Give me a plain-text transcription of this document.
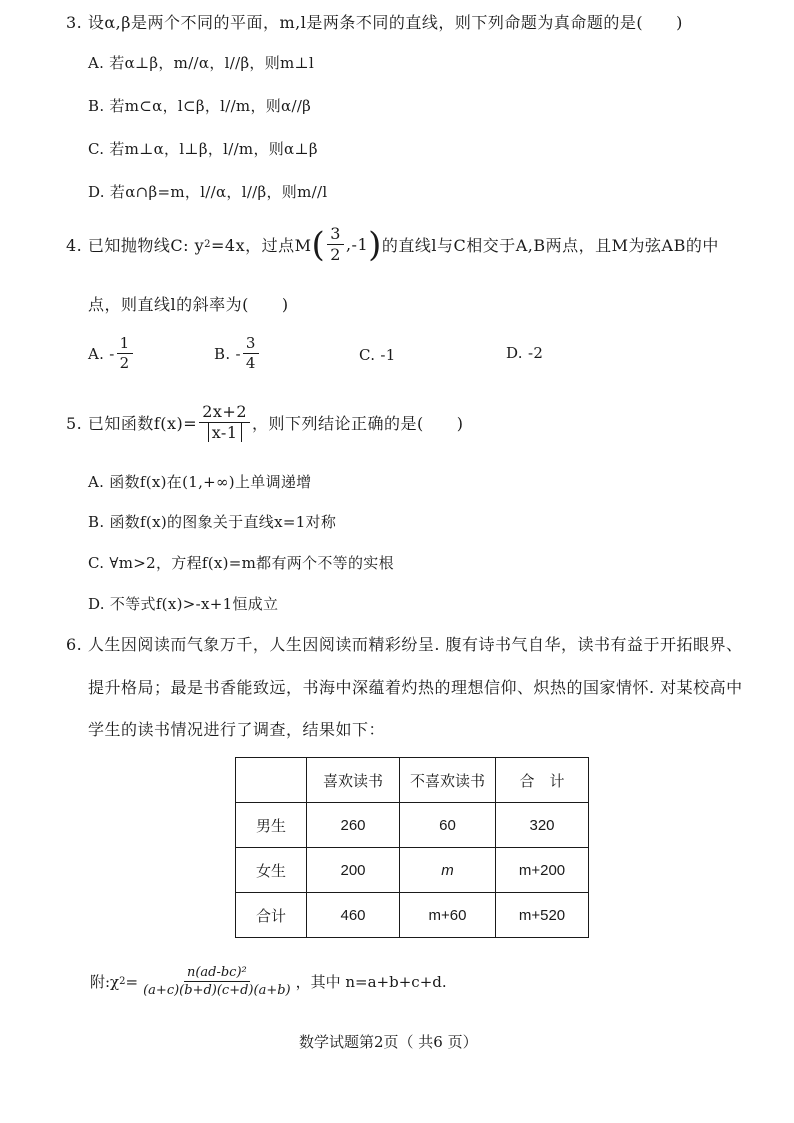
3. 设α,β是两个不同的平面，m,l是两条不同的直线，则下列命题为真命题的是(　　)
A. 若α⊥β，m//α，l//β，则m⊥l
B. 若m⊂α，l⊂β，l//m，则α//β
C. 若m⊥α，l⊥β，l//m，则α⊥β
D. 若α∩β=m，l//α，l//β，则m//l
4. 已知抛物线C: y 2 =4x，过点M ( $\frac{3}{2} ,-1$ ) 的直线l与C相交于A,B两点，且M为弦AB的中
点，则直线l的斜率为(　　)
A.
- $\frac{1}{2}$	B.
- $\frac{3}{4}$	C. -1	D. -2
5. 已知函数$f(x)= \frac{2x+2}{x-1}$ ，则下列结论正确的是(　　)
A. 函数f(x)在(1,+∞)上单调递增
B. 函数f(x)的图象关于直线x=1对称
C. ∀m>2，方程f(x)=m都有两个不等的实根
D. 不等式f(x)>-x+1恒成立
6. 人生因阅读而气象万千，人生因阅读而精彩纷呈. 腹有诗书气自华，读书有益于开拓眼界、
提升格局；最是书香能致远，书海中深蕴着灼热的理想信仰、炽热的国家情怀. 对某校高中
学生的读书情况进行了调查，结果如下：
	喜欢读书	不喜欢读书	合　计
男生	260	60	320
女生	200	m	m+200
合计	460	m+60	m+520
附:χ $2 = \frac{\text{n(ad-bc)²}}{(a+c)(b+d)(c+d)(a+b)}$ ，其中 n=a+b+c+d.
数学试题第2页（ 共6 页）
